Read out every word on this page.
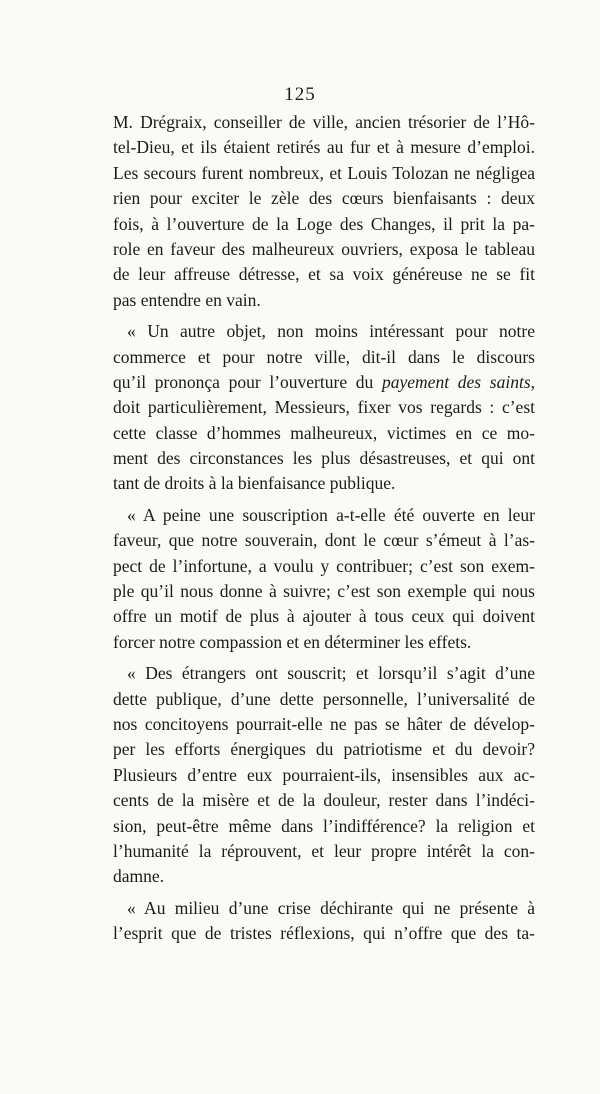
125
M. Drégraix, conseiller de ville, ancien trésorier de l’Hô-
tel-Dieu, et ils étaient retirés au fur et à mesure d’emploi.
Les secours furent nombreux, et Louis Tolozan ne négligea
rien pour exciter le zèle des cœurs bienfaisants : deux
fois, à l’ouverture de la Loge des Changes, il prit la pa-
role en faveur des malheureux ouvriers, exposa le tableau
de leur affreuse détresse, et sa voix généreuse ne se fit
pas entendre en vain.
« Un autre objet, non moins intéressant pour notre
commerce et pour notre ville, dit-il dans le discours
qu’il prononça pour l’ouverture du payement des saints,
doit particulièrement, Messieurs, fixer vos regards : c’est
cette classe d’hommes malheureux, victimes en ce mo-
ment des circonstances les plus désastreuses, et qui ont
tant de droits à la bienfaisance publique.
« A peine une souscription a-t-elle été ouverte en leur
faveur, que notre souverain, dont le cœur s’émeut à l’as-
pect de l’infortune, a voulu y contribuer; c’est son exem-
ple qu’il nous donne à suivre; c’est son exemple qui nous
offre un motif de plus à ajouter à tous ceux qui doivent
forcer notre compassion et en déterminer les effets.
« Des étrangers ont souscrit; et lorsqu’il s’agit d’une
dette publique, d’une dette personnelle, l’universalité de
nos concitoyens pourrait-elle ne pas se hâter de dévelop-
per les efforts énergiques du patriotisme et du devoir?
Plusieurs d’entre eux pourraient-ils, insensibles aux ac-
cents de la misère et de la douleur, rester dans l’indéci-
sion, peut-être même dans l’indifférence? la religion et
l’humanité la réprouvent, et leur propre intérêt la con-
damne.
« Au milieu d’une crise déchirante qui ne présente à
l’esprit que de tristes réflexions, qui n’offre que des ta-
